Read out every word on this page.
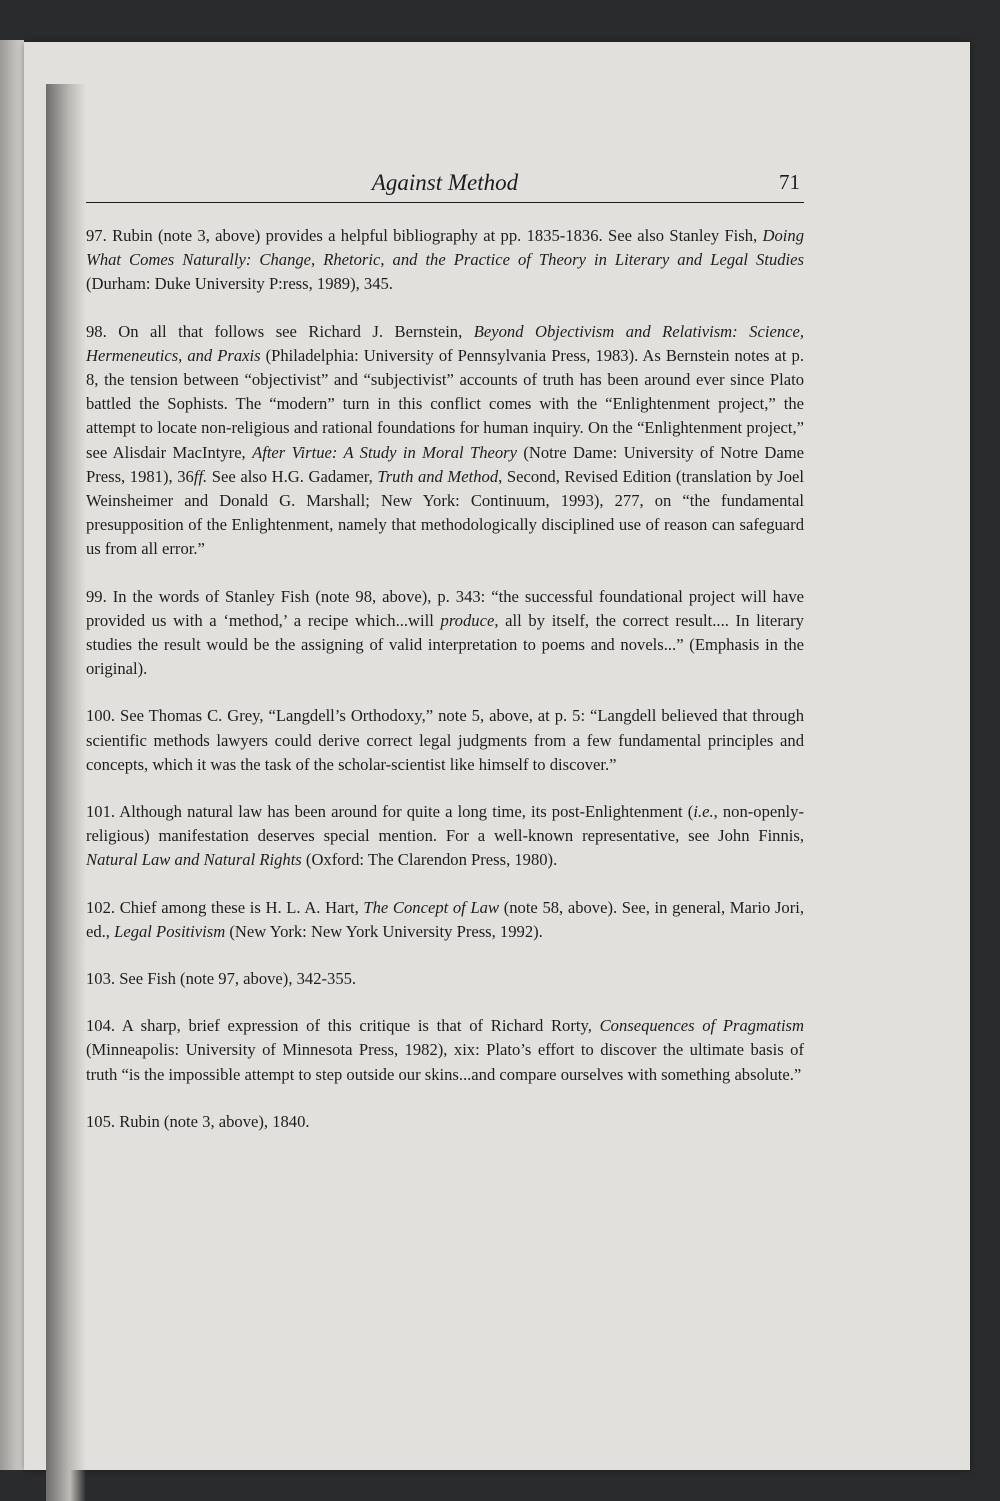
Against Method	71

97. Rubin (note 3, above) provides a helpful bibliography at pp. 1835-1836. See also Stanley Fish, Doing What Comes Naturally: Change, Rhetoric, and the Practice of Theory in Literary and Legal Studies (Durham: Duke University P:ress, 1989), 345.

98. On all that follows see Richard J. Bernstein, Beyond Objectivism and Relativism: Science, Hermeneutics, and Praxis (Philadelphia: University of Pennsylvania Press, 1983). As Bernstein notes at p. 8, the tension between “objectivist” and “subjectivist” accounts of truth has been around ever since Plato battled the Sophists. The “modern” turn in this conflict comes with the “Enlightenment project,” the attempt to locate non-religious and rational foundations for human inquiry. On the “Enlightenment project,” see Alisdair MacIntyre, After Virtue: A Study in Moral Theory (Notre Dame: University of Notre Dame Press, 1981), 36ff. See also H.G. Gadamer, Truth and Method, Second, Revised Edition (translation by Joel Weinsheimer and Donald G. Marshall; New York: Continuum, 1993), 277, on “the fundamental presupposition of the Enlightenment, namely that methodologically disciplined use of reason can safeguard us from all error.”

99. In the words of Stanley Fish (note 98, above), p. 343: “the successful foundational project will have provided us with a ‘method,’ a recipe which...will produce, all by itself, the correct result.... In literary studies the result would be the assigning of valid interpretation to poems and novels...” (Emphasis in the original).

100. See Thomas C. Grey, “Langdell’s Orthodoxy,” note 5, above, at p. 5: “Langdell believed that through scientific methods lawyers could derive correct legal judgments from a few fundamental principles and concepts, which it was the task of the scholar-scientist like himself to discover.”

101. Although natural law has been around for quite a long time, its post-Enlightenment (i.e., non-openly-religious) manifestation deserves special mention. For a well-known representative, see John Finnis, Natural Law and Natural Rights (Oxford: The Clarendon Press, 1980).

102. Chief among these is H. L. A. Hart, The Concept of Law (note 58, above). See, in general, Mario Jori, ed., Legal Positivism (New York: New York University Press, 1992).

103. See Fish (note 97, above), 342-355.

104. A sharp, brief expression of this critique is that of Richard Rorty, Consequences of Pragmatism (Minneapolis: University of Minnesota Press, 1982), xix: Plato’s effort to discover the ultimate basis of truth “is the impossible attempt to step outside our skins...and compare ourselves with something absolute.”

105. Rubin (note 3, above), 1840.
